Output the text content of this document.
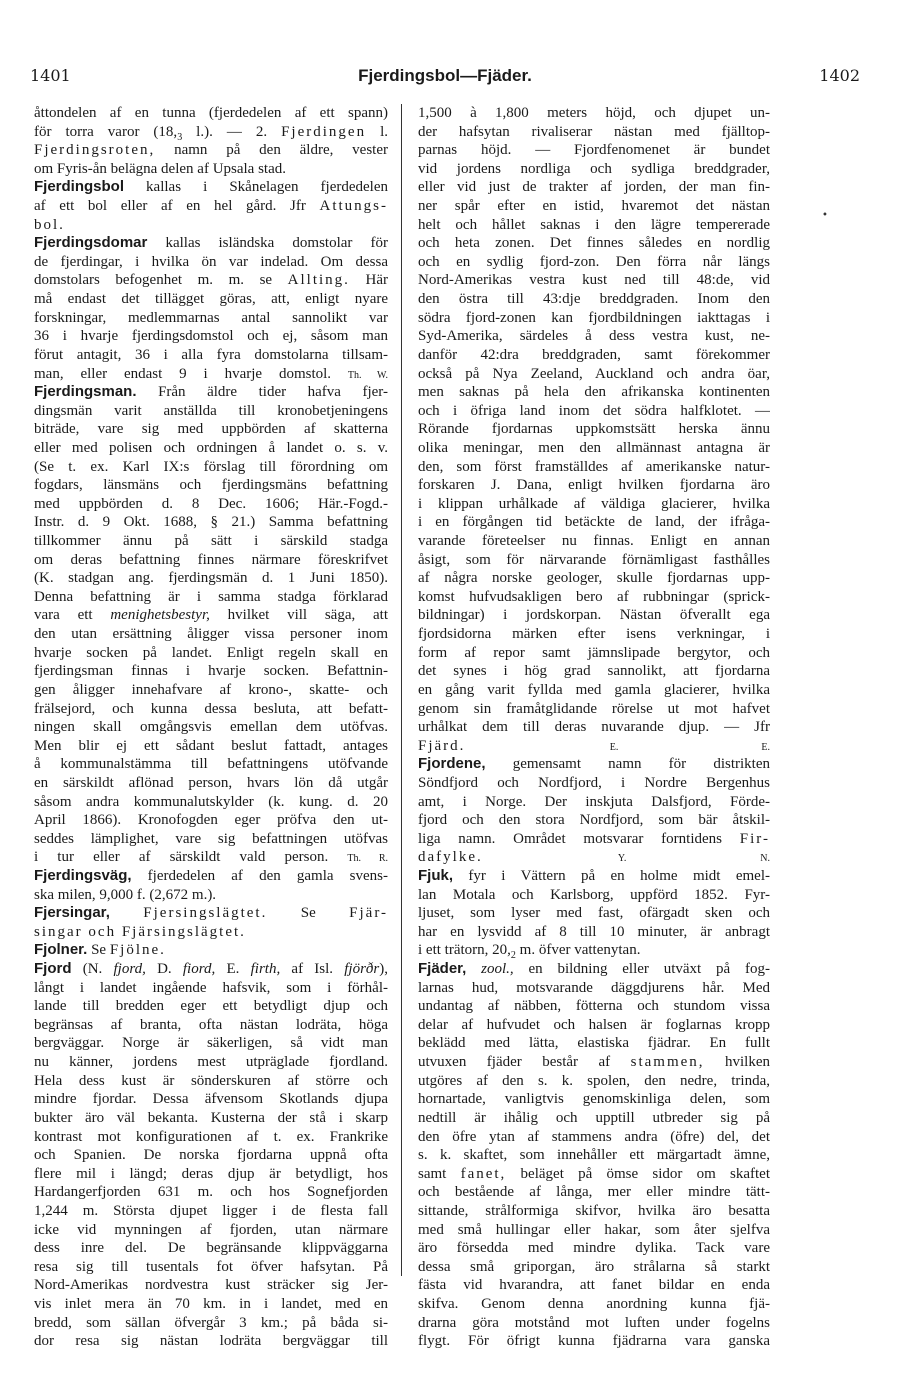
1401	Fjerdingsbol—Fjäder.	1402
åttondelen af en tunna (fjerdedelen af ett spann)
för torra varor ($18,_3$ l.). — 2. Fjerdingen l.
Fjerdingsroten, namn på den äldre, vester
om Fyris-ån belägna delen af Upsala stad.
Fjerdingsbol kallas i Skånelagen fjerdedelen
af ett bol eller af en hel gård. Jfr Attungs-
bol.
Fjerdingsdomar kallas isländska domstolar för
de fjerdingar, i hvilka ön var indelad. Om dessa
domstolars befogenhet m. m. se Allting. Här
må endast det tillägget göras, att, enligt nyare
forskningar, medlemmarnas antal sannolikt var
36 i hvarje fjerdingsdomstol och ej, såsom man
förut antagit, 36 i alla fyra domstolarna tillsam-
man, eller endast 9 i hvarje domstol. Th. W.
Fjerdingsman. Från äldre tider hafva fjer-
dingsmän varit anställda till kronobetjeningens
biträde, vare sig med uppbörden af skatterna
eller med polisen och ordningen å landet o. s. v.
(Se t. ex. Karl IX:s förslag till förordning om
fogdars, länsmäns och fjerdingsmäns befattning
med uppbörden d. 8 Dec. 1606; Här.-Fogd.-
Instr. d. 9 Okt. 1688, § 21.) Samma befattning
tillkommer ännu på sätt i särskild stadga
om deras befattning finnes närmare föreskrifvet
(K. stadgan ang. fjerdingsmän d. 1 Juni 1850).
Denna befattning är i samma stadga förklarad
vara ett menighetsbestyr, hvilket vill säga, att
den utan ersättning åligger vissa personer inom
hvarje socken på landet. Enligt regeln skall en
fjerdingsman finnas i hvarje socken. Befattnin-
gen åligger innehafvare af krono-, skatte- och
frälsejord, och kunna dessa besluta, att befatt-
ningen skall omgångsvis emellan dem utöfvas.
Men blir ej ett sådant beslut fattadt, antages
å kommunalstämma till befattningens utöfvande
en särskildt aflönad person, hvars lön då utgår
såsom andra kommunalutskylder (k. kung. d. 20
April 1866). Kronofogden eger pröfva den ut-
seddes lämplighet, vare sig befattningen utöfvas
i tur eller af särskildt vald person. Th. R.
Fjerdingsväg, fjerdedelen af den gamla svens-
ska milen, 9,000 f. (2,672 m.).
Fjersingar, Fjersingslägtet. Se Fjär-
singar och Fjärsingslägtet.
Fjolner. Se Fjölne.
Fjord (N. fjord, D. fiord, E. firth, af Isl. fjörðr),
långt i landet ingående hafsvik, som i förhål-
lande till bredden eger ett betydligt djup och
begränsas af branta, ofta nästan lodräta, höga
bergväggar. Norge är säkerligen, så vidt man
nu känner, jordens mest utpräglade fjordland.
Hela dess kust är sönderskuren af större och
mindre fjordar. Dessa äfvensom Skotlands djupa
bukter äro väl bekanta. Kusterna der stå i skarp
kontrast mot konfigurationen af t. ex. Frankrike
och Spanien. De norska fjordarna uppnå ofta
flere mil i längd; deras djup är betydligt, hos
Hardangerfjorden 631 m. och hos Sognefjorden
1,244 m. Största djupet ligger i de flesta fall
icke vid mynningen af fjorden, utan närmare
dess inre del. De begränsande klippväggarna
resa sig till tusentals fot öfver hafsytan. På
Nord-Amerikas nordvestra kust sträcker sig Jer-
vis inlet mera än 70 km. in i landet, med en
bredd, som sällan öfvergår 3 km.; på båda si-
dor resa sig nästan lodräta bergväggar till
1,500 à 1,800 meters höjd, och djupet un-
der hafsytan rivaliserar nästan med fjälltop-
parnas höjd. — Fjordfenomenet är bundet
vid jordens nordliga och sydliga breddgrader,
eller vid just de trakter af jorden, der man fin-
ner spår efter en istid, hvaremot det nästan
helt och hållet saknas i den lägre tempererade
och heta zonen. Det finnes således en nordlig
och en sydlig fjord-zon. Den förra når längs
Nord-Amerikas vestra kust ned till 48:de, vid
den östra till 43:dje breddgraden. Inom den
södra fjord-zonen kan fjordbildningen iakttagas i
Syd-Amerika, särdeles å dess vestra kust, ne-
danför 42:dra breddgraden, samt förekommer
också på Nya Zeeland, Auckland och andra öar,
men saknas på hela den afrikanska kontinenten
och i öfriga land inom det södra halfklotet. —
Rörande fjordarnas uppkomstsätt herska ännu
olika meningar, men den allmännast antagna är
den, som först framställdes af amerikanske natur-
forskaren J. Dana, enligt hvilken fjordarna äro
i klippan urhålkade af väldiga glacierer, hvilka
i en förgången tid betäckte de land, der ifråga-
varande företeelser nu finnas. Enligt en annan
åsigt, som för närvarande förnämligast fasthålles
af några norske geologer, skulle fjordarnas upp-
komst hufvudsakligen bero af rubbningar (sprick-
bildningar) i jordskorpan. Nästan öfverallt ega
fjordsidorna märken efter isens verkningar, i
form af repor samt jämnslipade bergytor, och
det synes i hög grad sannolikt, att fjordarna
en gång varit fyllda med gamla glacierer, hvilka
genom sin framåtglidande rörelse ut mot hafvet
urhålkat dem till deras nuvarande djup. — Jfr
Fjärd.	E. E.
Fjordene, gemensamt namn för distrikten
Söndfjord och Nordfjord, i Nordre Bergenhus
amt, i Norge. Der inskjuta Dalsfjord, Förde-
fjord och den stora Nordfjord, som bär åtskil-
liga namn. Området motsvarar forntidens Fir-
dafylke.	Y. N.
Fjuk, fyr i Vättern på en holme midt emel-
lan Motala och Karlsborg, uppförd 1852. Fyr-
ljuset, som lyser med fast, ofärgadt sken och
har en lysvidd af 8 till 10 minuter, är anbragt
i ett trätorn, $20,_2$ m. öfver vattenytan.
Fjäder, zool., en bildning eller utväxt på fog-
larnas hud, motsvarande däggdjurens hår. Med
undantag af näbben, fötterna och stundom vissa
delar af hufvudet och halsen är foglarnas kropp
beklädd med lätta, elastiska fjädrar. En fullt
utvuxen fjäder består af stammen, hvilken
utgöres af den s. k. spolen, den nedre, trinda,
hornartade, vanligtvis genomskinliga delen, som
nedtill är ihålig och upptill utbreder sig på
den öfre ytan af stammens andra (öfre) del, det
s. k. skaftet, som innehåller ett märgartadt ämne,
samt fanet, beläget på ömse sidor om skaftet
och bestående af långa, mer eller mindre tätt-
sittande, strålformiga skifvor, hvilka äro besatta
med små hullingar eller hakar, som åter sjelfva
äro försedda med mindre dylika. Tack vare
dessa små griporgan, äro strålarna så starkt
fästa vid hvarandra, att fanet bildar en enda
skifva. Genom denna anordning kunna fjä-
drarna göra motstånd mot luften under fogelns
flygt. För öfrigt kunna fjädrarna vara ganska
•
